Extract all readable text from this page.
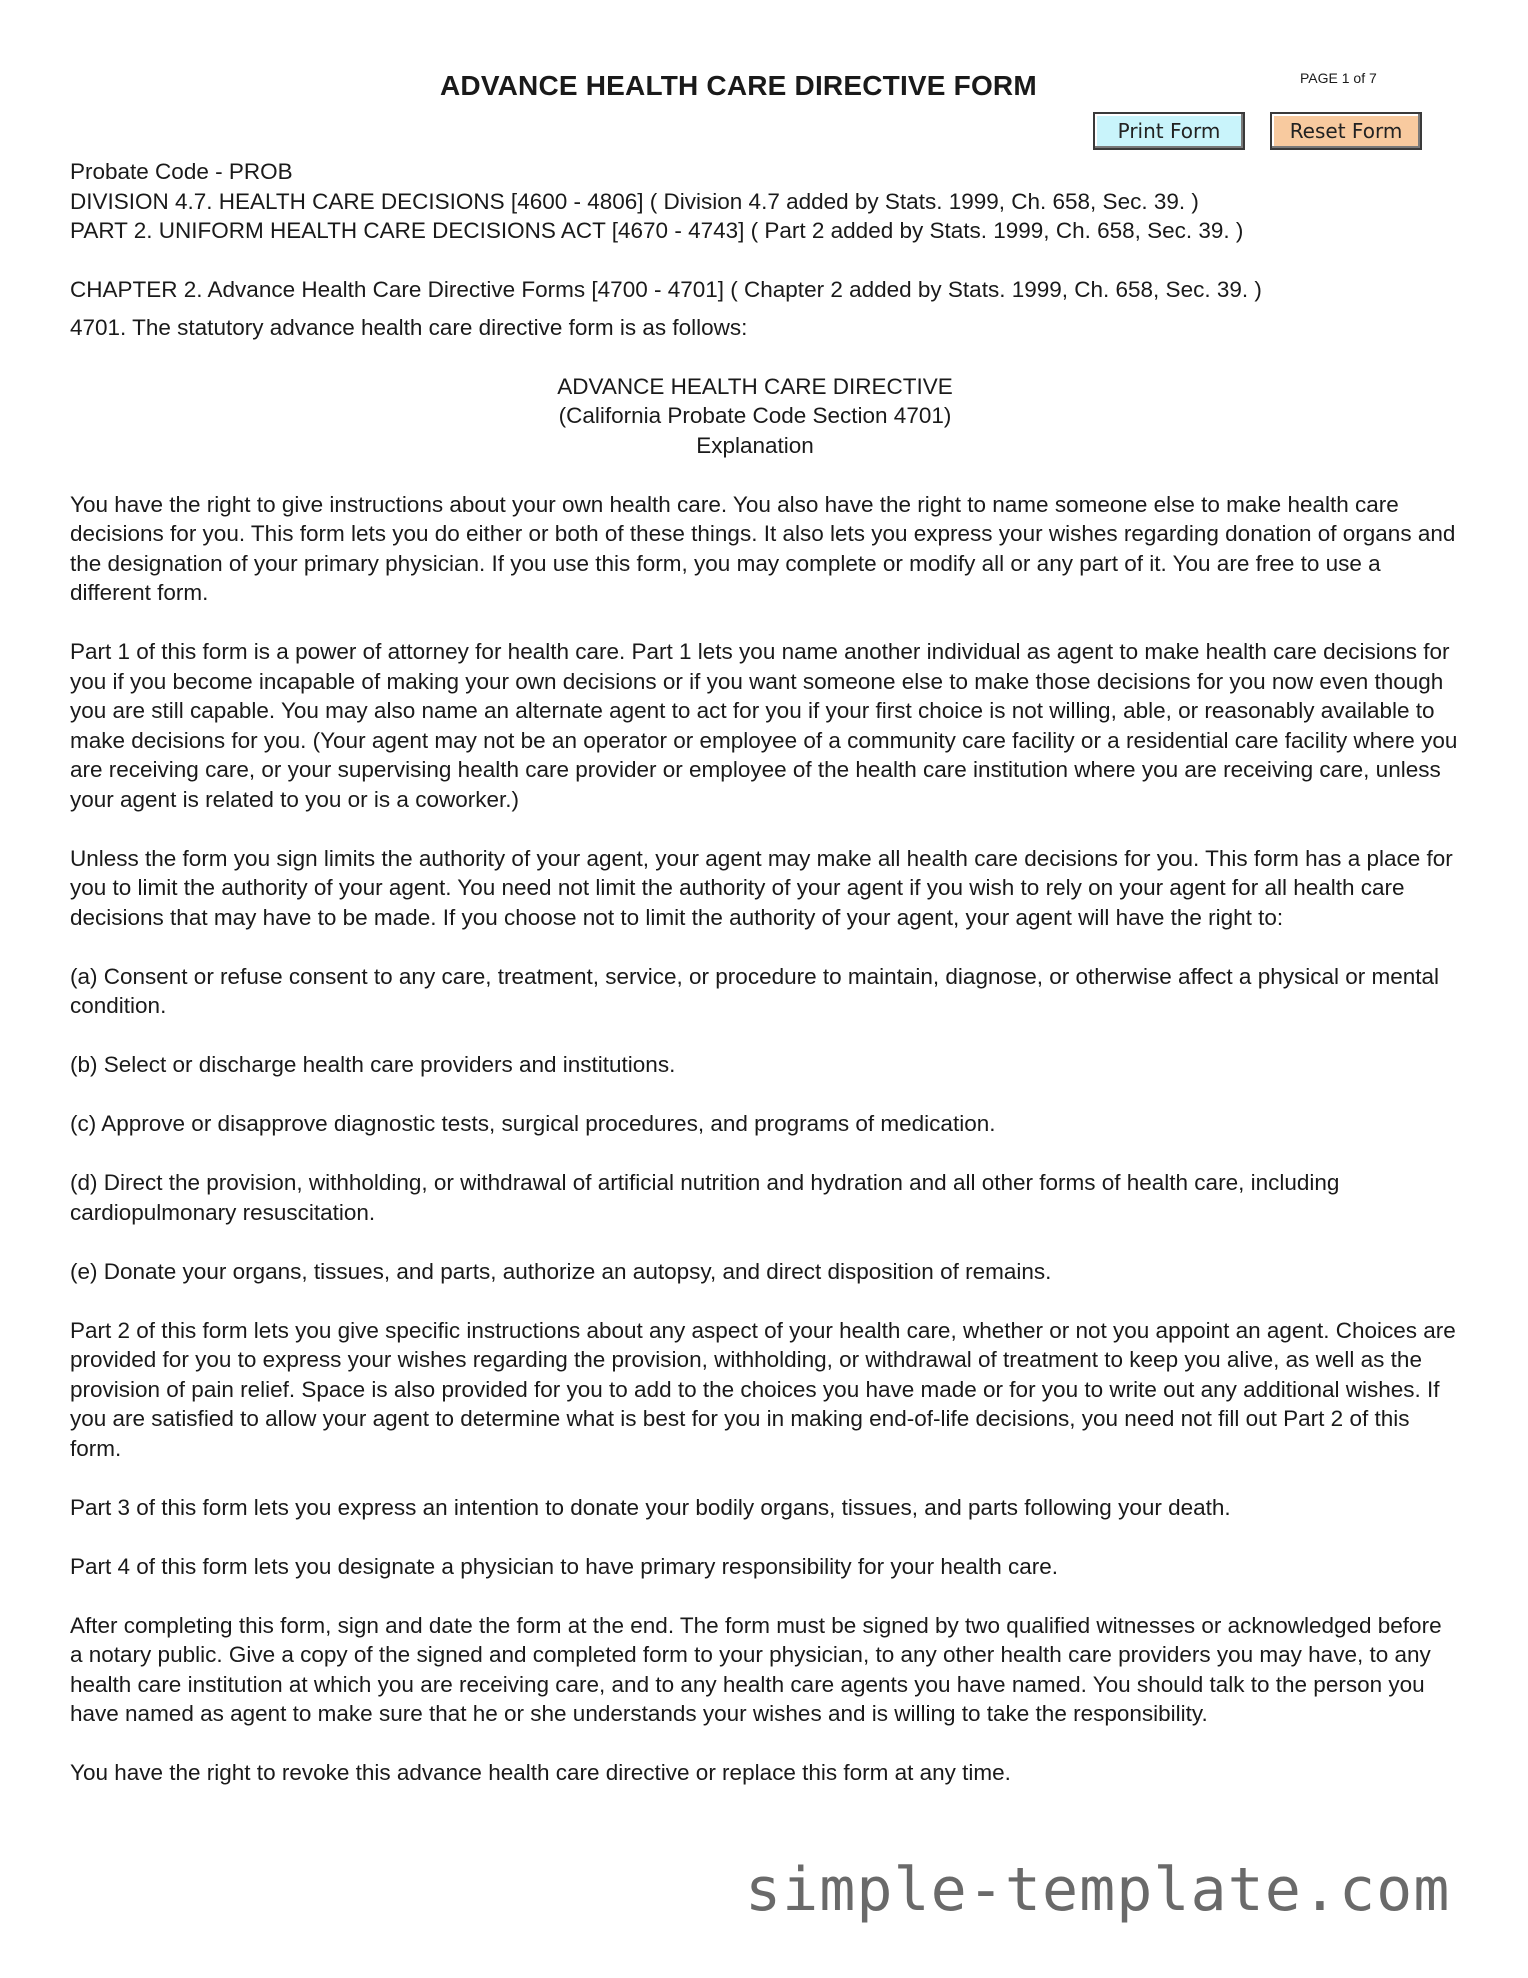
ADVANCE HEALTH CARE DIRECTIVE FORM	PAGE 1 of 7
Print Form	Reset Form

Probate Code - PROB

DIVISION 4.7. HEALTH CARE DECISIONS [4600 - 4806] ( Division 4.7 added by Stats. 1999, Ch. 658, Sec. 39. )

PART 2. UNIFORM HEALTH CARE DECISIONS ACT [4670 - 4743] ( Part 2 added by Stats. 1999, Ch. 658, Sec. 39. )

CHAPTER 2. Advance Health Care Directive Forms [4700 - 4701] ( Chapter 2 added by Stats. 1999, Ch. 658, Sec. 39. )

4701. The statutory advance health care directive form is as follows:

ADVANCE HEALTH CARE DIRECTIVE

(California Probate Code Section 4701)

Explanation

You have the right to give instructions about your own health care. You also have the right to name someone else to make health care decisions for you. This form lets you do either or both of these things. It also lets you express your wishes regarding donation of organs and the designation of your primary physician. If you use this form, you may complete or modify all or any part of it. You are free to use a different form.

Part 1 of this form is a power of attorney for health care. Part 1 lets you name another individual as agent to make health care decisions for you if you become incapable of making your own decisions or if you want someone else to make those decisions for you now even though you are still capable. You may also name an alternate agent to act for you if your first choice is not willing, able, or reasonably available to make decisions for you. (Your agent may not be an operator or employee of a community care facility or a residential care facility where you are receiving care, or your supervising health care provider or employee of the health care institution where you are receiving care, unless your agent is related to you or is a coworker.)

Unless the form you sign limits the authority of your agent, your agent may make all health care decisions for you. This form has a place for you to limit the authority of your agent. You need not limit the authority of your agent if you wish to rely on your agent for all health care decisions that may have to be made. If you choose not to limit the authority of your agent, your agent will have the right to:

(a) Consent or refuse consent to any care, treatment, service, or procedure to maintain, diagnose, or otherwise affect a physical or mental condition.

(b) Select or discharge health care providers and institutions.

(c) Approve or disapprove diagnostic tests, surgical procedures, and programs of medication.

(d) Direct the provision, withholding, or withdrawal of artificial nutrition and hydration and all other forms of health care, including cardiopulmonary resuscitation.

(e) Donate your organs, tissues, and parts, authorize an autopsy, and direct disposition of remains.

Part 2 of this form lets you give specific instructions about any aspect of your health care, whether or not you appoint an agent. Choices are provided for you to express your wishes regarding the provision, withholding, or withdrawal of treatment to keep you alive, as well as the provision of pain relief. Space is also provided for you to add to the choices you have made or for you to write out any additional wishes. If you are satisfied to allow your agent to determine what is best for you in making end-of-life decisions, you need not fill out Part 2 of this form.

Part 3 of this form lets you express an intention to donate your bodily organs, tissues, and parts following your death.

Part 4 of this form lets you designate a physician to have primary responsibility for your health care.

After completing this form, sign and date the form at the end. The form must be signed by two qualified witnesses or acknowledged before a notary public. Give a copy of the signed and completed form to your physician, to any other health care providers you may have, to any health care institution at which you are receiving care, and to any health care agents you have named. You should talk to the person you have named as agent to make sure that he or she understands your wishes and is willing to take the responsibility.

You have the right to revoke this advance health care directive or replace this form at any time.

simple-template.com
